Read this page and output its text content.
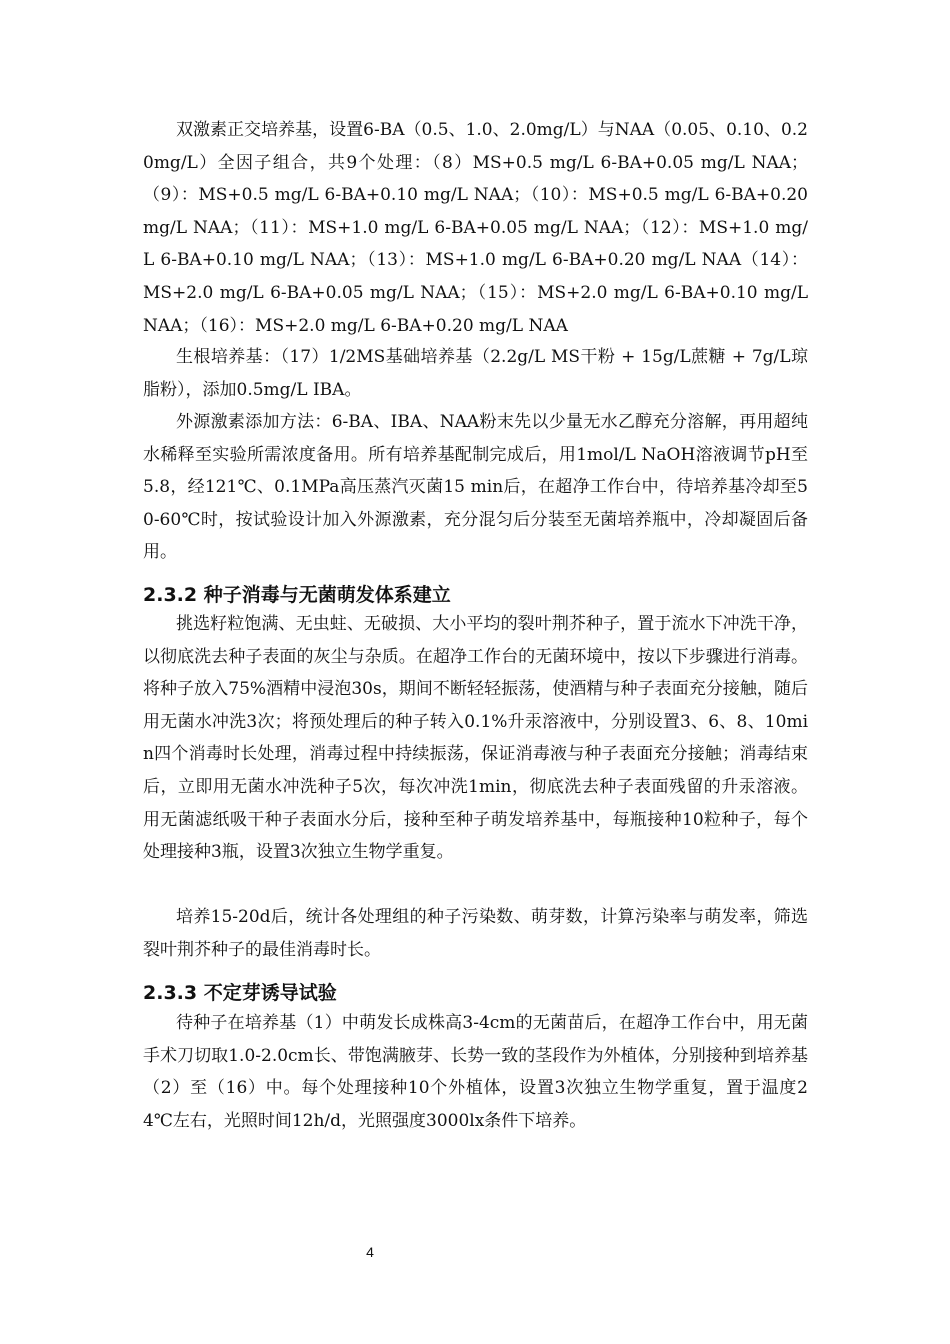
双激素正交培养基，设置6-BA（0.5、1.0、2.0mg/L）与NAA（0.05、0.10、0.20mg/L）全因子组合，共9个处理：（8）MS+0.5 mg/L 6-BA+0.05 mg/L NAA；（9）：MS+0.5 mg/L 6-BA+0.10 mg/L NAA；（10）：MS+0.5 mg/L 6-BA+0.20 mg/L NAA；（11）：MS+1.0 mg/L 6-BA+0.05 mg/L NAA；（12）：MS+1.0 mg/L 6-BA+0.10 mg/L NAA；（13）：MS+1.0 mg/L 6-BA+0.20 mg/L NAA（14）：MS+2.0 mg/L 6-BA+0.05 mg/L NAA；（15）：MS+2.0 mg/L 6-BA+0.10 mg/L NAA；（16）：MS+2.0 mg/L 6-BA+0.20 mg/L NAA

生根培养基：（17）1/2MS基础培养基（2.2g/L MS干粉 + 15g/L蔗糖 + 7g/L琼脂粉），添加0.5mg/L IBA。

外源激素添加方法：6-BA、IBA、NAA粉末先以少量无水乙醇充分溶解，再用超纯水稀释至实验所需浓度备用。所有培养基配制完成后，用1mol/L NaOH溶液调节pH至5.8，经121℃、0.1MPa高压蒸汽灭菌15 min后，在超净工作台中，待培养基冷却至50-60℃时，按试验设计加入外源激素，充分混匀后分装至无菌培养瓶中，冷却凝固后备用。

2.3.2 种子消毒与无菌萌发体系建立

挑选籽粒饱满、无虫蛀、无破损、大小平均的裂叶荆芥种子，置于流水下冲洗干净，以彻底洗去种子表面的灰尘与杂质。在超净工作台的无菌环境中，按以下步骤进行消毒。将种子放入75%酒精中浸泡30s，期间不断轻轻振荡，使酒精与种子表面充分接触，随后用无菌水冲洗3次；将预处理后的种子转入0.1%升汞溶液中，分别设置3、6、8、10min四个消毒时长处理，消毒过程中持续振荡，保证消毒液与种子表面充分接触；消毒结束后，立即用无菌水冲洗种子5次，每次冲洗1min，彻底洗去种子表面残留的升汞溶液。用无菌滤纸吸干种子表面水分后，接种至种子萌发培养基中，每瓶接种10粒种子，每个处理接种3瓶，设置3次独立生物学重复。

培养15-20d后，统计各处理组的种子污染数、萌芽数，计算污染率与萌发率，筛选裂叶荆芥种子的最佳消毒时长。

2.3.3 不定芽诱导试验

待种子在培养基（1）中萌发长成株高3-4cm的无菌苗后，在超净工作台中，用无菌手术刀切取1.0-2.0cm长、带饱满腋芽、长势一致的茎段作为外植体，分别接种到培养基（2）至（16）中。每个处理接种10个外植体，设置3次独立生物学重复，置于温度24℃左右，光照时间12h/d，光照强度3000lx条件下培养。

4
